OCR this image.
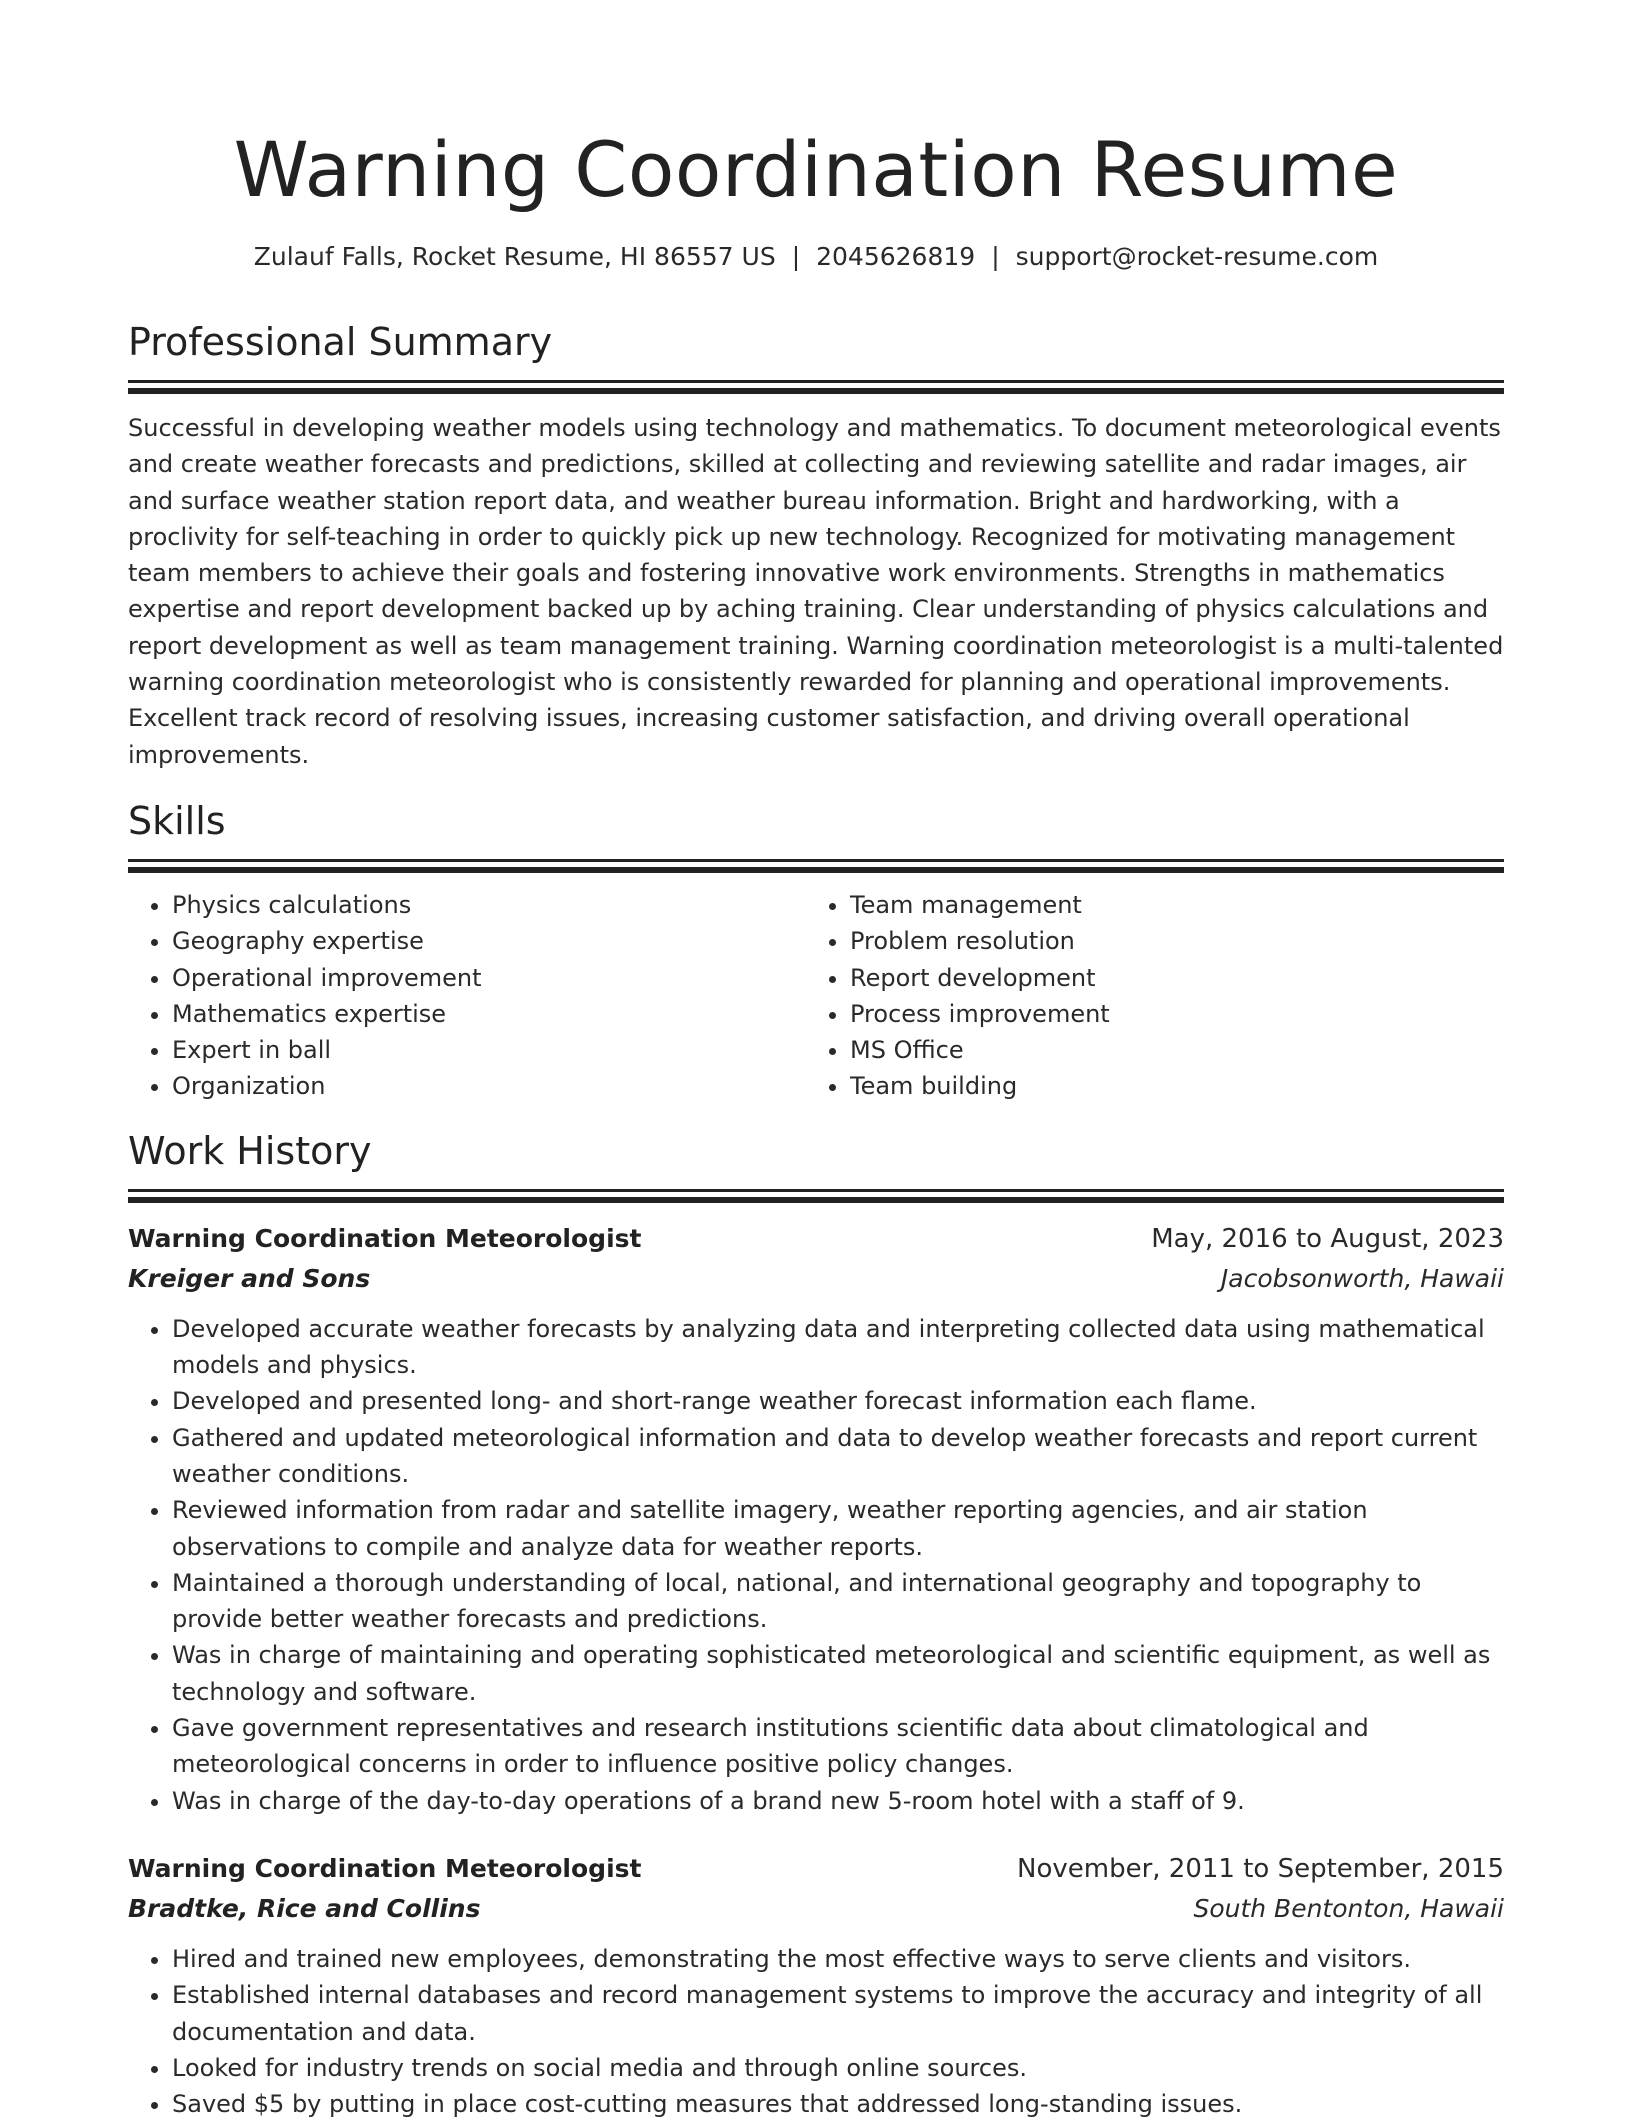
Warning Coordination Resume
Zulauf Falls, Rocket Resume, HI 86557 US | 2045626819 | support@rocket-resume.com
Professional Summary

Successful in developing weather models using technology and mathematics. To document meteorological events and create weather forecasts and predictions, skilled at collecting and reviewing satellite and radar images, air and surface weather station report data, and weather bureau information. Bright and hardworking, with a proclivity for self-teaching in order to quickly pick up new technology. Recognized for motivating management team members to achieve their goals and fostering innovative work environments. Strengths in mathematics expertise and report development backed up by aching training. Clear understanding of physics calculations and report development as well as team management training. Warning coordination meteorologist is a multi-talented warning coordination meteorologist who is consistently rewarded for planning and operational improvements. Excellent track record of resolving issues, increasing customer satisfaction, and driving overall operational improvements.

Skills
• Physics calculations
• Geography expertise
• Operational improvement
• Mathematics expertise
• Expert in ball
• Organization
• Team management
• Problem resolution
• Report development
• Process improvement
• MS Office
• Team building
Work History
Warning Coordination Meteorologist	May, 2016 to August, 2023
Kreiger and Sons	Jacobsonworth, Hawaii
• Developed accurate weather forecasts by analyzing data and interpreting collected data using mathematical models and physics.
• Developed and presented long- and short-range weather forecast information each flame.
• Gathered and updated meteorological information and data to develop weather forecasts and report current weather conditions.
• Reviewed information from radar and satellite imagery, weather reporting agencies, and air station observations to compile and analyze data for weather reports.
• Maintained a thorough understanding of local, national, and international geography and topography to provide better weather forecasts and predictions.
• Was in charge of maintaining and operating sophisticated meteorological and scientific equipment, as well as technology and software.
• Gave government representatives and research institutions scientific data about climatological and meteorological concerns in order to influence positive policy changes.
• Was in charge of the day-to-day operations of a brand new 5-room hotel with a staff of 9.
Warning Coordination Meteorologist	November, 2011 to September, 2015
Bradtke, Rice and Collins	South Bentonton, Hawaii
• Hired and trained new employees, demonstrating the most effective ways to serve clients and visitors.
• Established internal databases and record management systems to improve the accuracy and integrity of all documentation and data.
• Looked for industry trends on social media and through online sources.
• Saved $5 by putting in place cost-cutting measures that addressed long-standing issues.
